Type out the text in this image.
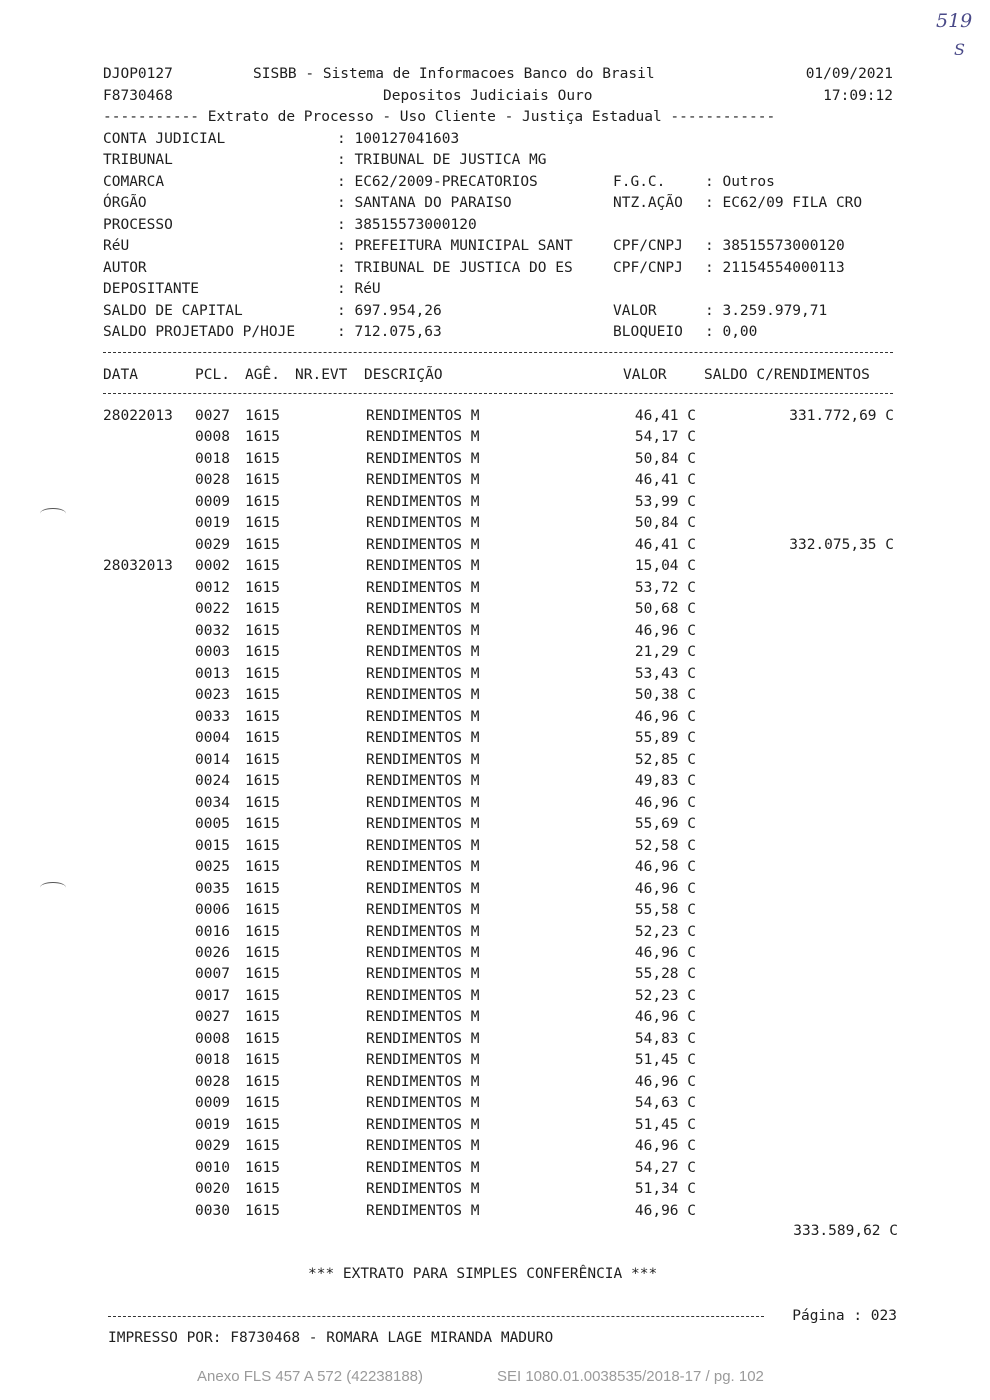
519
S
DJOP0127	SISBB - Sistema de Informacoes Banco do Brasil	01/09/2021
F8730468	Depositos Judiciais Ouro	17:09:12
----------- Extrato de Processo - Uso Cliente - Justiça Estadual ------------
CONTA JUDICIAL	: 100127041603
TRIBUNAL	: TRIBUNAL DE JUSTICA MG
COMARCA	: EC62/2009-PRECATORIOS	F.G.C.	: Outros
ÓRGÃO	: SANTANA DO PARAISO	NTZ.AÇÃO : EC62/09 FILA CRO
PROCESSO	: 38515573000120
RéU	: PREFEITURA MUNICIPAL SANT	CPF/CNPJ : 38515573000120
AUTOR	: TRIBUNAL DE JUSTICA DO ES	CPF/CNPJ : 21154554000113
DEPOSITANTE	: RéU
SALDO DE CAPITAL	: 697.954,26	VALOR	: 3.259.979,71
SALDO PROJETADO P/HOJE	: 712.075,63	BLOQUEIO : 0,00
DATA	PCL. AGÊ. NR.EVT DESCRIÇÃO	VALOR	SALDO C/RENDIMENTOS
28022013 0027 1615	RENDIMENTOS M	46,41 C	331.772,69 C
0008 1615	RENDIMENTOS M	54,17 C
0018 1615	RENDIMENTOS M	50,84 C
0028 1615	RENDIMENTOS M	46,41 C
0009 1615	RENDIMENTOS M	53,99 C
0019 1615	RENDIMENTOS M	50,84 C
0029 1615	RENDIMENTOS M	46,41 C	332.075,35 C
28032013 0002 1615	RENDIMENTOS M	15,04 C
0012 1615	RENDIMENTOS M	53,72 C
0022 1615	RENDIMENTOS M	50,68 C
0032 1615	RENDIMENTOS M	46,96 C
0003 1615	RENDIMENTOS M	21,29 C
0013 1615	RENDIMENTOS M	53,43 C
0023 1615	RENDIMENTOS M	50,38 C
0033 1615	RENDIMENTOS M	46,96 C
0004 1615	RENDIMENTOS M	55,89 C
0014 1615	RENDIMENTOS M	52,85 C
0024 1615	RENDIMENTOS M	49,83 C
0034 1615	RENDIMENTOS M	46,96 C
0005 1615	RENDIMENTOS M	55,69 C
0015 1615	RENDIMENTOS M	52,58 C
0025 1615	RENDIMENTOS M	46,96 C
0035 1615	RENDIMENTOS M	46,96 C
0006 1615	RENDIMENTOS M	55,58 C
0016 1615	RENDIMENTOS M	52,23 C
0026 1615	RENDIMENTOS M	46,96 C
0007 1615	RENDIMENTOS M	55,28 C
0017 1615	RENDIMENTOS M	52,23 C
0027 1615	RENDIMENTOS M	46,96 C
0008 1615	RENDIMENTOS M	54,83 C
0018 1615	RENDIMENTOS M	51,45 C
0028 1615	RENDIMENTOS M	46,96 C
0009 1615	RENDIMENTOS M	54,63 C
0019 1615	RENDIMENTOS M	51,45 C
0029 1615	RENDIMENTOS M	46,96 C
0010 1615	RENDIMENTOS M	54,27 C
0020 1615	RENDIMENTOS M	51,34 C
0030 1615	RENDIMENTOS M	46,96 C
333.589,62 C
*** EXTRATO PARA SIMPLES CONFERÊNCIA ***
Página : 023
IMPRESSO POR: F8730468 - ROMARA LAGE MIRANDA MADURO
Anexo FLS 457 A 572 (42238188)	SEI 1080.01.0038535/2018-17 / pg. 102
